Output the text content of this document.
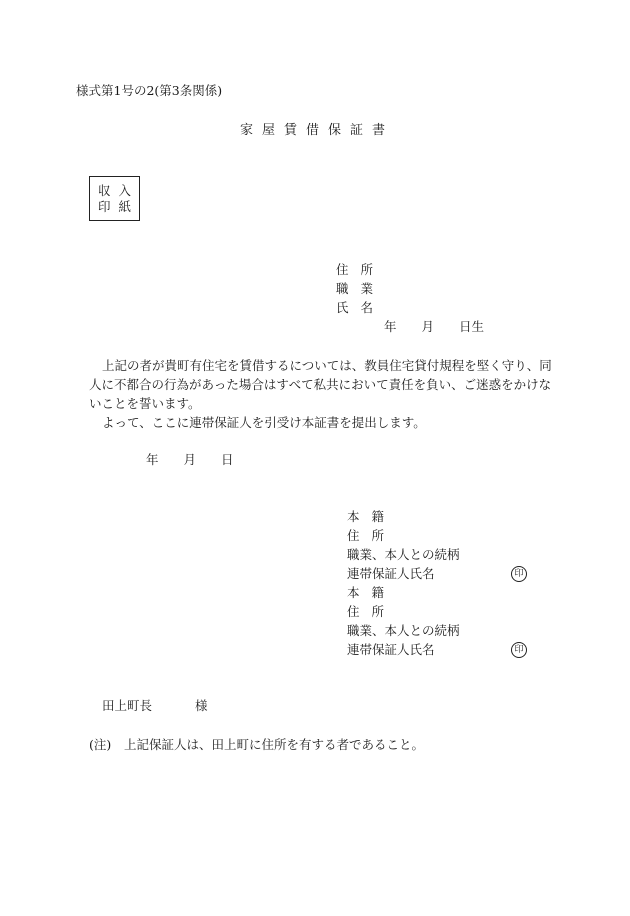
様式第1号の2(第3条関係)
家屋賃借保証書
収入
印紙
住所
職業
氏名
年　　月　　日生
上記の者が貴町有住宅を賃借するについては、教員住宅貸付規程を堅く守り、同人に不都合の行為があった場合はすべて私共において責任を負い、ご迷惑をかけないことを誓います。
よって、ここに連帯保証人を引受け本証書を提出します。
年　　月　　日
本籍
住所
職業、本人との続柄
連帯保証人氏名	印
本籍
住所
職業、本人との続柄
連帯保証人氏名	印
田上町長	様
(注) 上記保証人は、田上町に住所を有する者であること。
